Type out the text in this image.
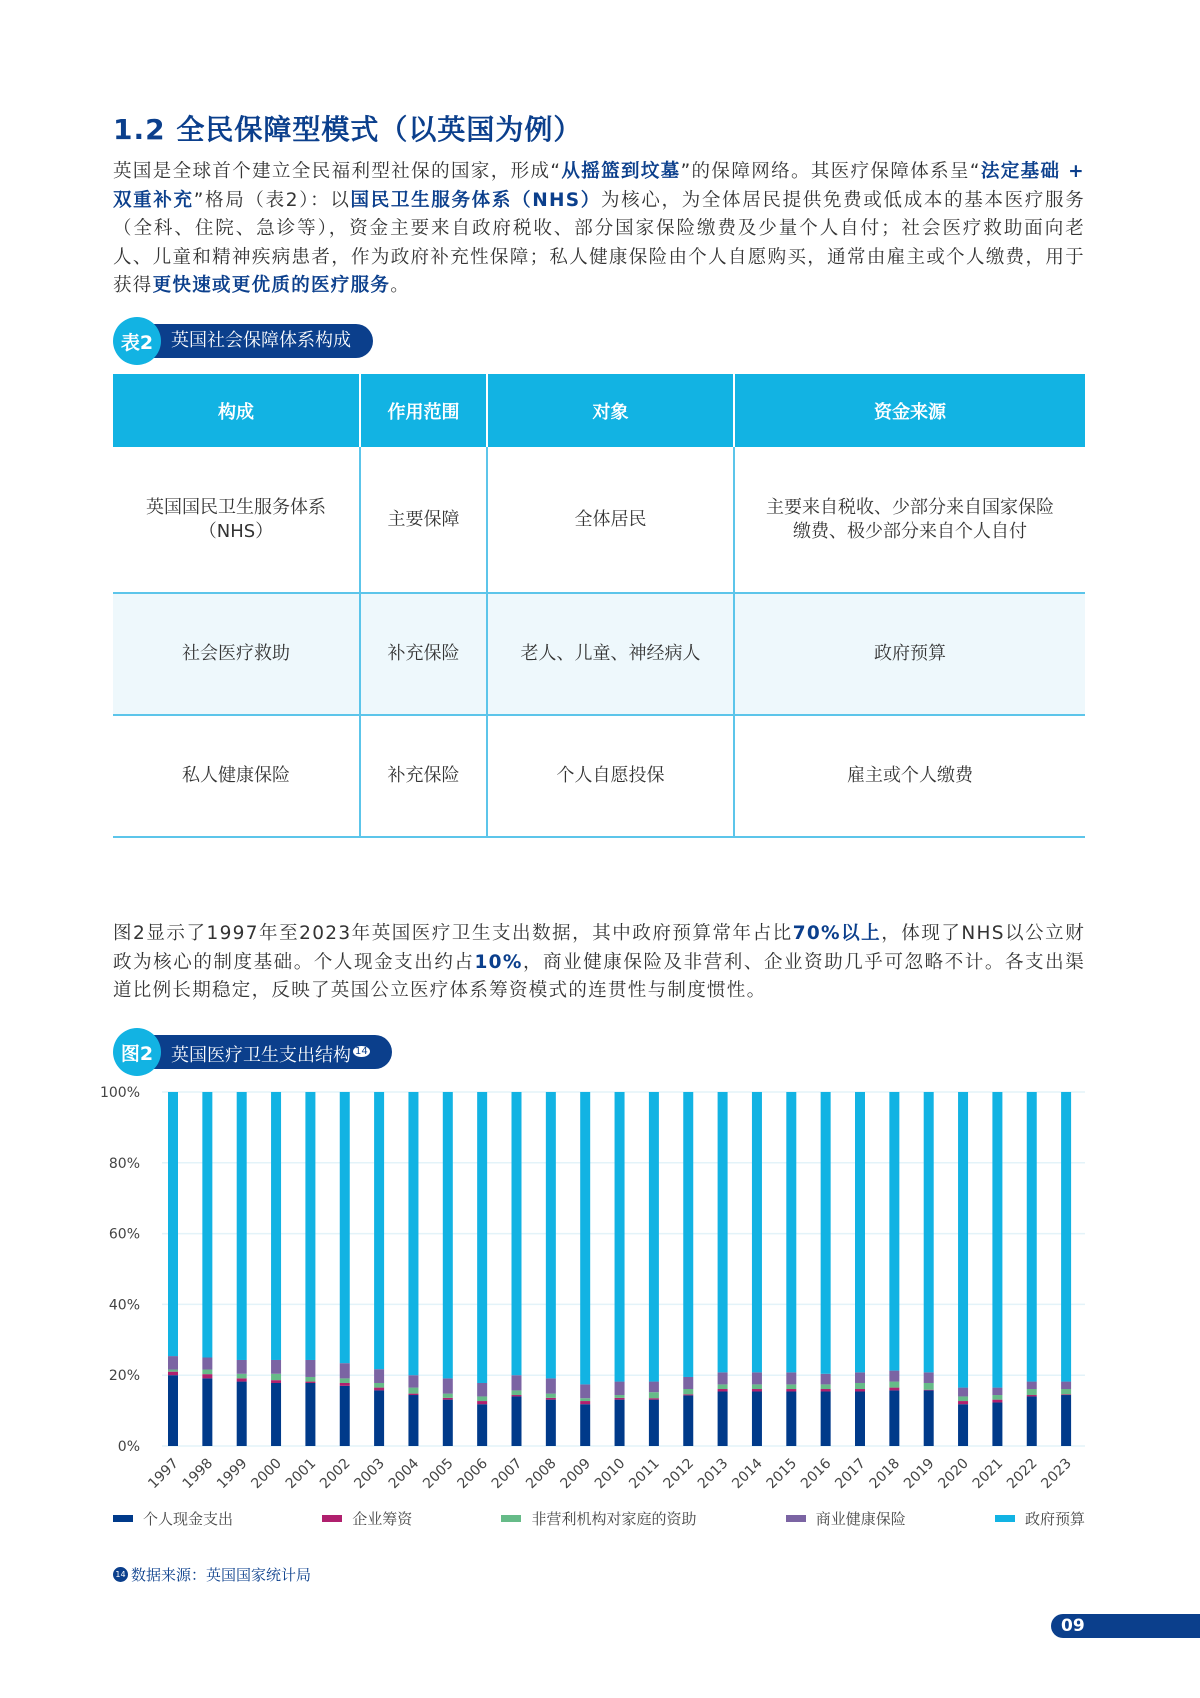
1.2 全民保障型模式（以英国为例）
英国是全球首个建立全民福利型社保的国家，形成“从摇篮到坟墓”的保障网络。其医疗保障体系呈“法定基础 + 双重补充”格局（表2）：以国民卫生服务体系（NHS）为核心，为全体居民提供免费或低成本的基本医疗服务（全科、住院、急诊等），资金主要来自政府税收、部分国家保险缴费及少量个人自付；社会医疗救助面向老人、儿童和精神疾病患者，作为政府补充性保障；私人健康保险由个人自愿购买，通常由雇主或个人缴费，用于获得更快速或更优质的医疗服务。
表2 英国社会保障体系构成
构成	作用范围	对象	资金来源
英国国民卫生服务体系（NHS）	主要保障	全体居民	主要来自税收、少部分来自国家保险缴费、极少部分来自个人自付
社会医疗救助	补充保险	老人、儿童、神经病人	政府预算
私人健康保险	补充保险	个人自愿投保	雇主或个人缴费
图2显示了1997年至2023年英国医疗卫生支出数据，其中政府预算常年占比70%以上，体现了NHS以公立财政为核心的制度基础。个人现金支出约占10%，商业健康保险及非营利、企业资助几乎可忽略不计。各支出渠道比例长期稳定，反映了英国公立医疗体系筹资模式的连贯性与制度惯性。
图2 英国医疗卫生支出结构 $^{14}$
0%
20%
40%
60%
80%
100%
1997
1998
1999
2000
2001
2002
2003
2004
2005
2006
2007
2008
2009
2010
2011
2012
2013
2014
2015
2016
2017
2018
2019
2020
2021
2022
2023
个人现金支出	企业筹资	非营利机构对家庭的资助	商业健康保险	政府预算
14 数据来源：英国国家统计局
09
